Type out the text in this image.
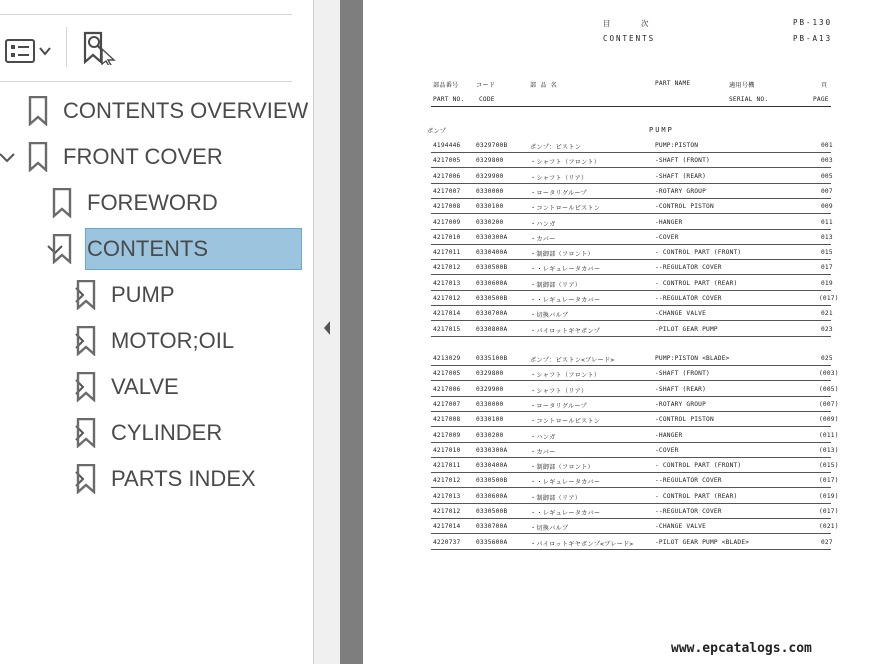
CONTENTS OVERVIEW
FRONT COVER
FOREWORD
CONTENTS
PUMP
MOTOR;OIL
VALVE
CYLINDER
PARTS INDEX
目　　　次
CONTENTS
PB-130
PB-A13
部品番号	コード	部 品 名	PART NAME	適用号機	頁
PART NO. CODE	SERIAL NO.	PAGE
ポンプ	PUMP
4194446	0329700B	ポンプ：ピストン	PUMP:PISTON	001
4217005	0329800	・シャフト（フロント）	-SHAFT (FRONT)	003
4217006	0329900	・シャフト（リア）	-SHAFT (REAR)	005
4217007	0330000	・ロータリグループ	-ROTARY GROUP	007
4217008	0330100	・コントロールピストン	-CONTROL PISTON	009
4217009	0330200	・ハンガ	-HANGER	011
4217010	0330300A	・カバー	-COVER	013
4217011	0330400A	・制御部（フロント）	- CONTROL PART (FRONT)	015
4217012	0330500B	・・レギュレータカバー	--REGULATOR COVER	017
4217013	0330600A	・制御部（リア）	- CONTROL PART (REAR)	019
4217012	0330500B	・・レギュレータカバー	--REGULATOR COVER	(017)
4217014	0330700A	・切換バルブ	-CHANGE VALVE	021
4217015	0330800A	・パイロットギヤポンプ	-PILOT GEAR PUMP	023
4213029	0335100B	ポンプ：ピストン<ブレード>	PUMP:PISTON <BLADE>	025
4217005	0329800	・シャフト（フロント）	-SHAFT (FRONT)	(003)
4217006	0329900	・シャフト（リア）	-SHAFT (REAR)	(005)
4217007	0330000	・ロータリグループ	-ROTARY GROUP	(007)
4217008	0330100	・コントロールピストン	-CONTROL PISTON	(009)
4217009	0330200	・ハンガ	-HANGER	(011)
4217010	0330300A	・カバー	-COVER	(013)
4217011	0330400A	・制御部（フロント）	- CONTROL PART (FRONT)	(015)
4217012	0330500B	・・レギュレータカバー	--REGULATOR COVER	(017)
4217013	0330600A	・制御部（リア）	- CONTROL PART (REAR)	(019)
4217012	0330500B	・・レギュレータカバー	--REGULATOR COVER	(017)
4217014	0330700A	・切換バルブ	-CHANGE VALVE	(021)
4220737	0335600A	・パイロットギヤポンプ<ブレード>	-PILOT GEAR PUMP <BLADE>	027
www.epcatalogs.com
